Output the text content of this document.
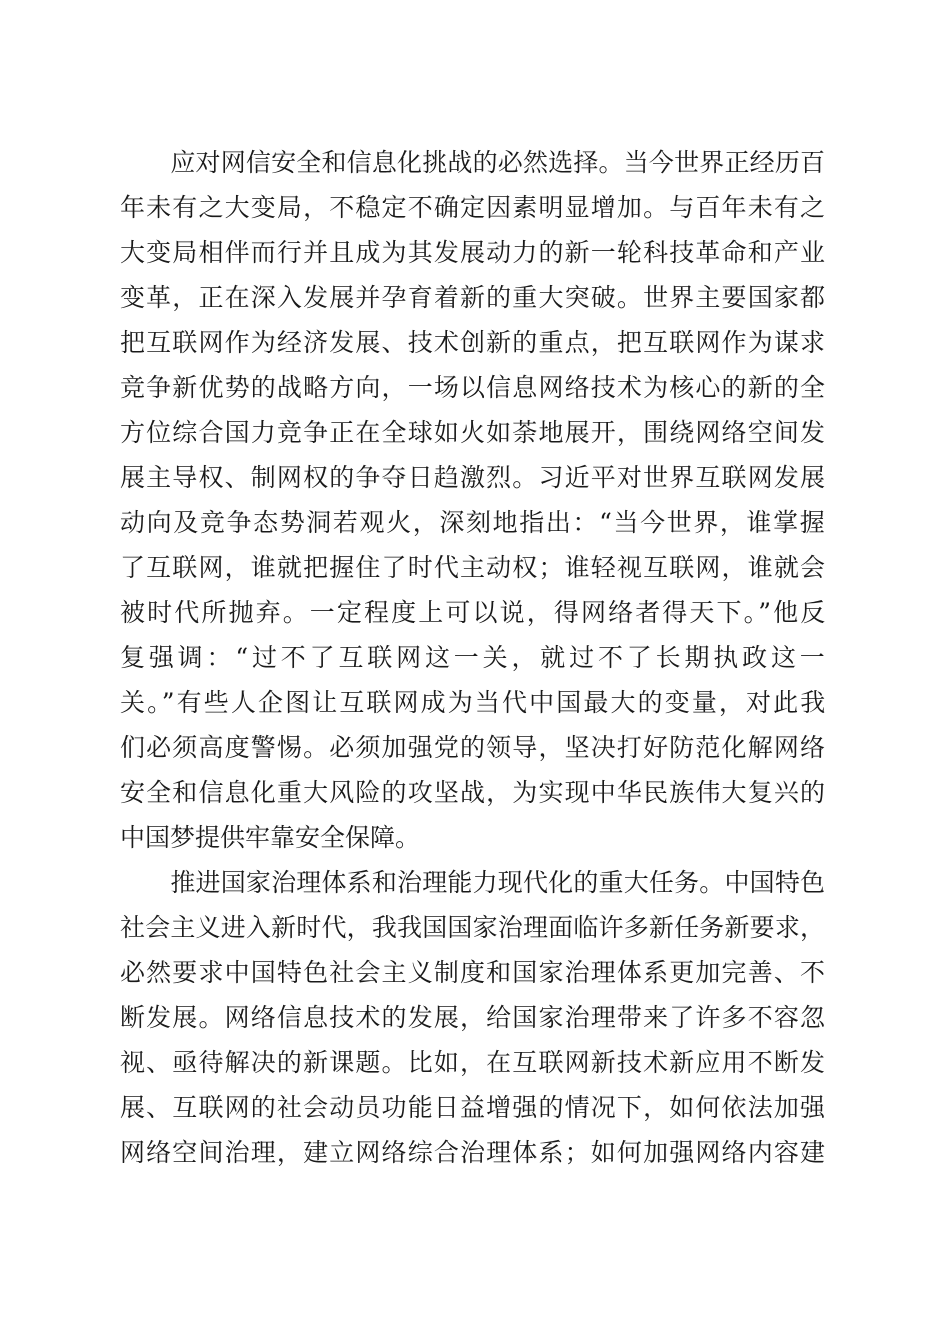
　　应对网信安全和信息化挑战的必然选择。当今世界正经历百
年未有之大变局，不稳定不确定因素明显增加。与百年未有之
大变局相伴而行并且成为其发展动力的新一轮科技革命和产业
变革，正在深入发展并孕育着新的重大突破。世界主要国家都
把互联网作为经济发展、技术创新的重点，把互联网作为谋求
竞争新优势的战略方向，一场以信息网络技术为核心的新的全
方位综合国力竞争正在全球如火如荼地展开，围绕网络空间发
展主导权、制网权的争夺日趋激烈。习近平对世界互联网发展
动向及竞争态势洞若观火，深刻地指出：“当今世界，谁掌握
了互联网，谁就把握住了时代主动权；谁轻视互联网，谁就会
被时代所抛弃。一定程度上可以说，得网络者得天下。”他反
复强调：“过不了互联网这一关，就过不了长期执政这一
关。”有些人企图让互联网成为当代中国最大的变量，对此我
们必须高度警惕。必须加强党的领导，坚决打好防范化解网络
安全和信息化重大风险的攻坚战，为实现中华民族伟大复兴的
中国梦提供牢靠安全保障。
　　推进国家治理体系和治理能力现代化的重大任务。中国特色
社会主义进入新时代，我我国国家治理面临许多新任务新要求，
必然要求中国特色社会主义制度和国家治理体系更加完善、不
断发展。网络信息技术的发展，给国家治理带来了许多不容忽
视、亟待解决的新课题。比如，在互联网新技术新应用不断发
展、互联网的社会动员功能日益增强的情况下，如何依法加强
网络空间治理，建立网络综合治理体系；如何加强网络内容建
